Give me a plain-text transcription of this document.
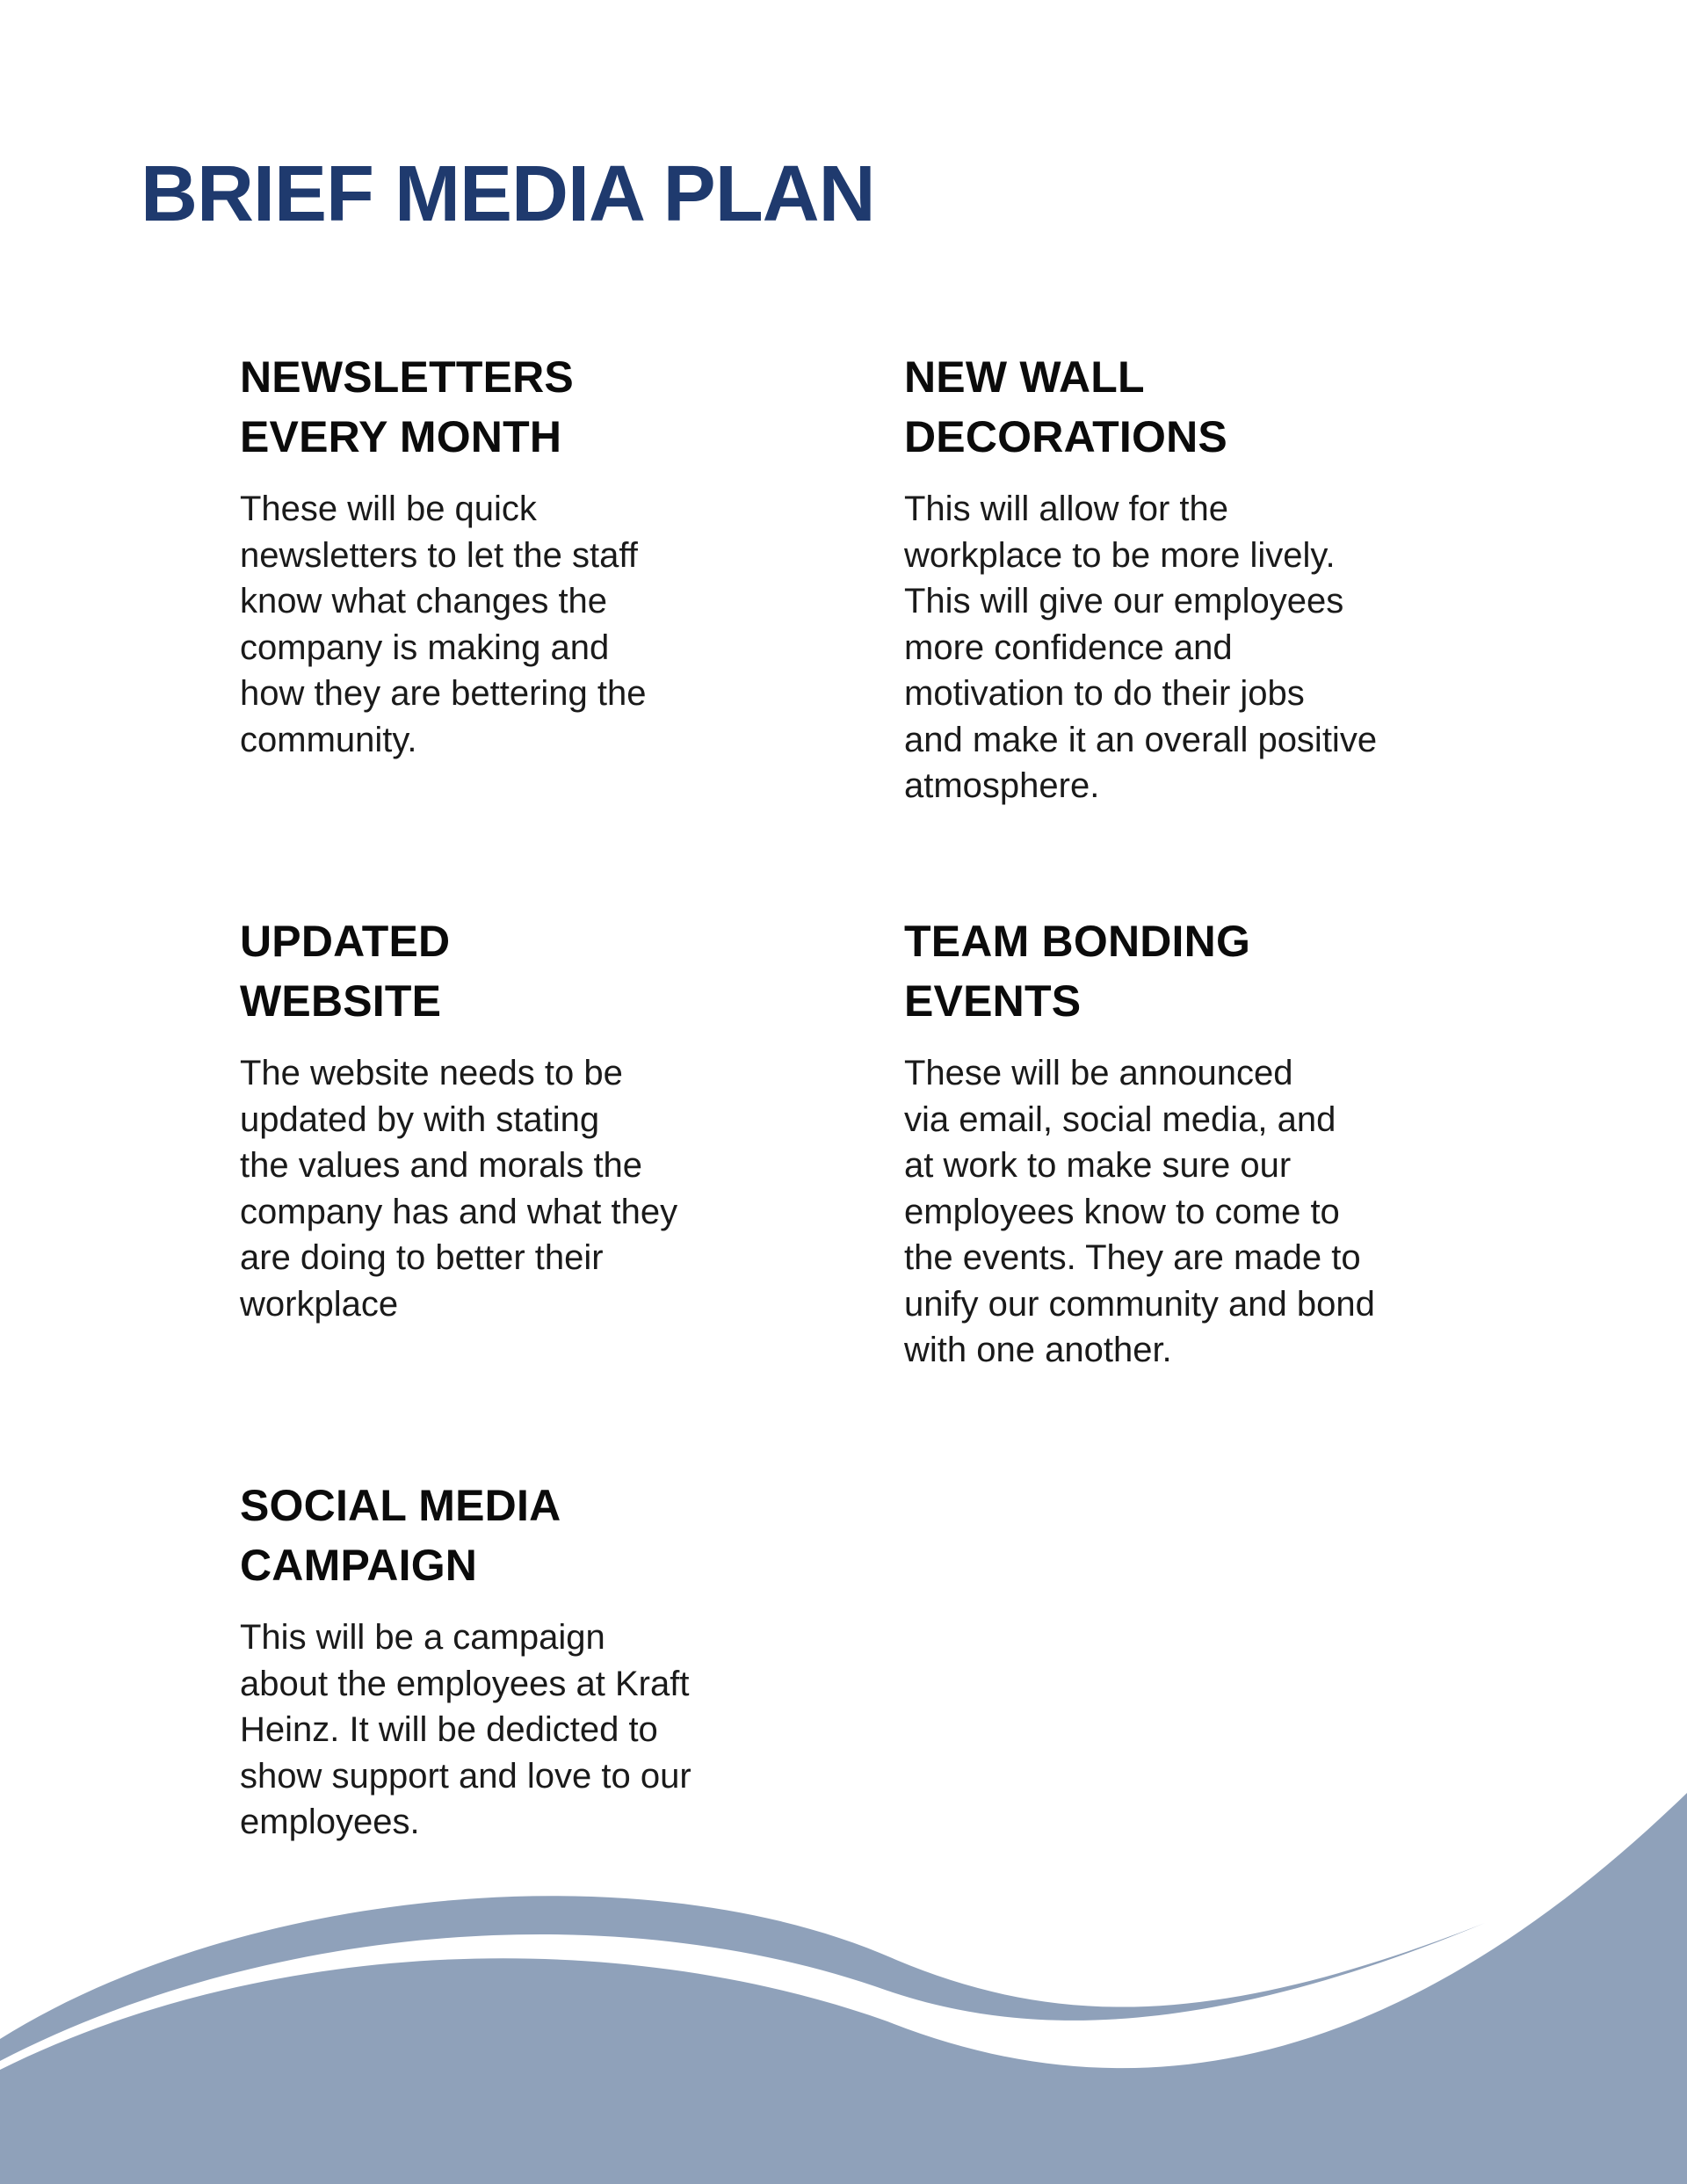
BRIEF MEDIA PLAN
NEWSLETTERS
EVERY MONTH
These will be quick
newsletters to let the staff
know what changes the
company is making and
how they are bettering the
community.
NEW WALL
DECORATIONS
This will allow for the
workplace to be more lively.
This will give our employees
more confidence and
motivation to do their jobs
and make it an overall positive
atmosphere.
UPDATED
WEBSITE
The website needs to be
updated by with stating
the values and morals the
company has and what they
are doing to better their
workplace
TEAM BONDING
EVENTS
These will be announced
via email, social media, and
at work to make sure our
employees know to come to
the events. They are made to
unify our community and bond
with one another.
SOCIAL MEDIA
CAMPAIGN
This will be a campaign
about the employees at Kraft
Heinz. It will be dedicted to
show support and love to our
employees.
